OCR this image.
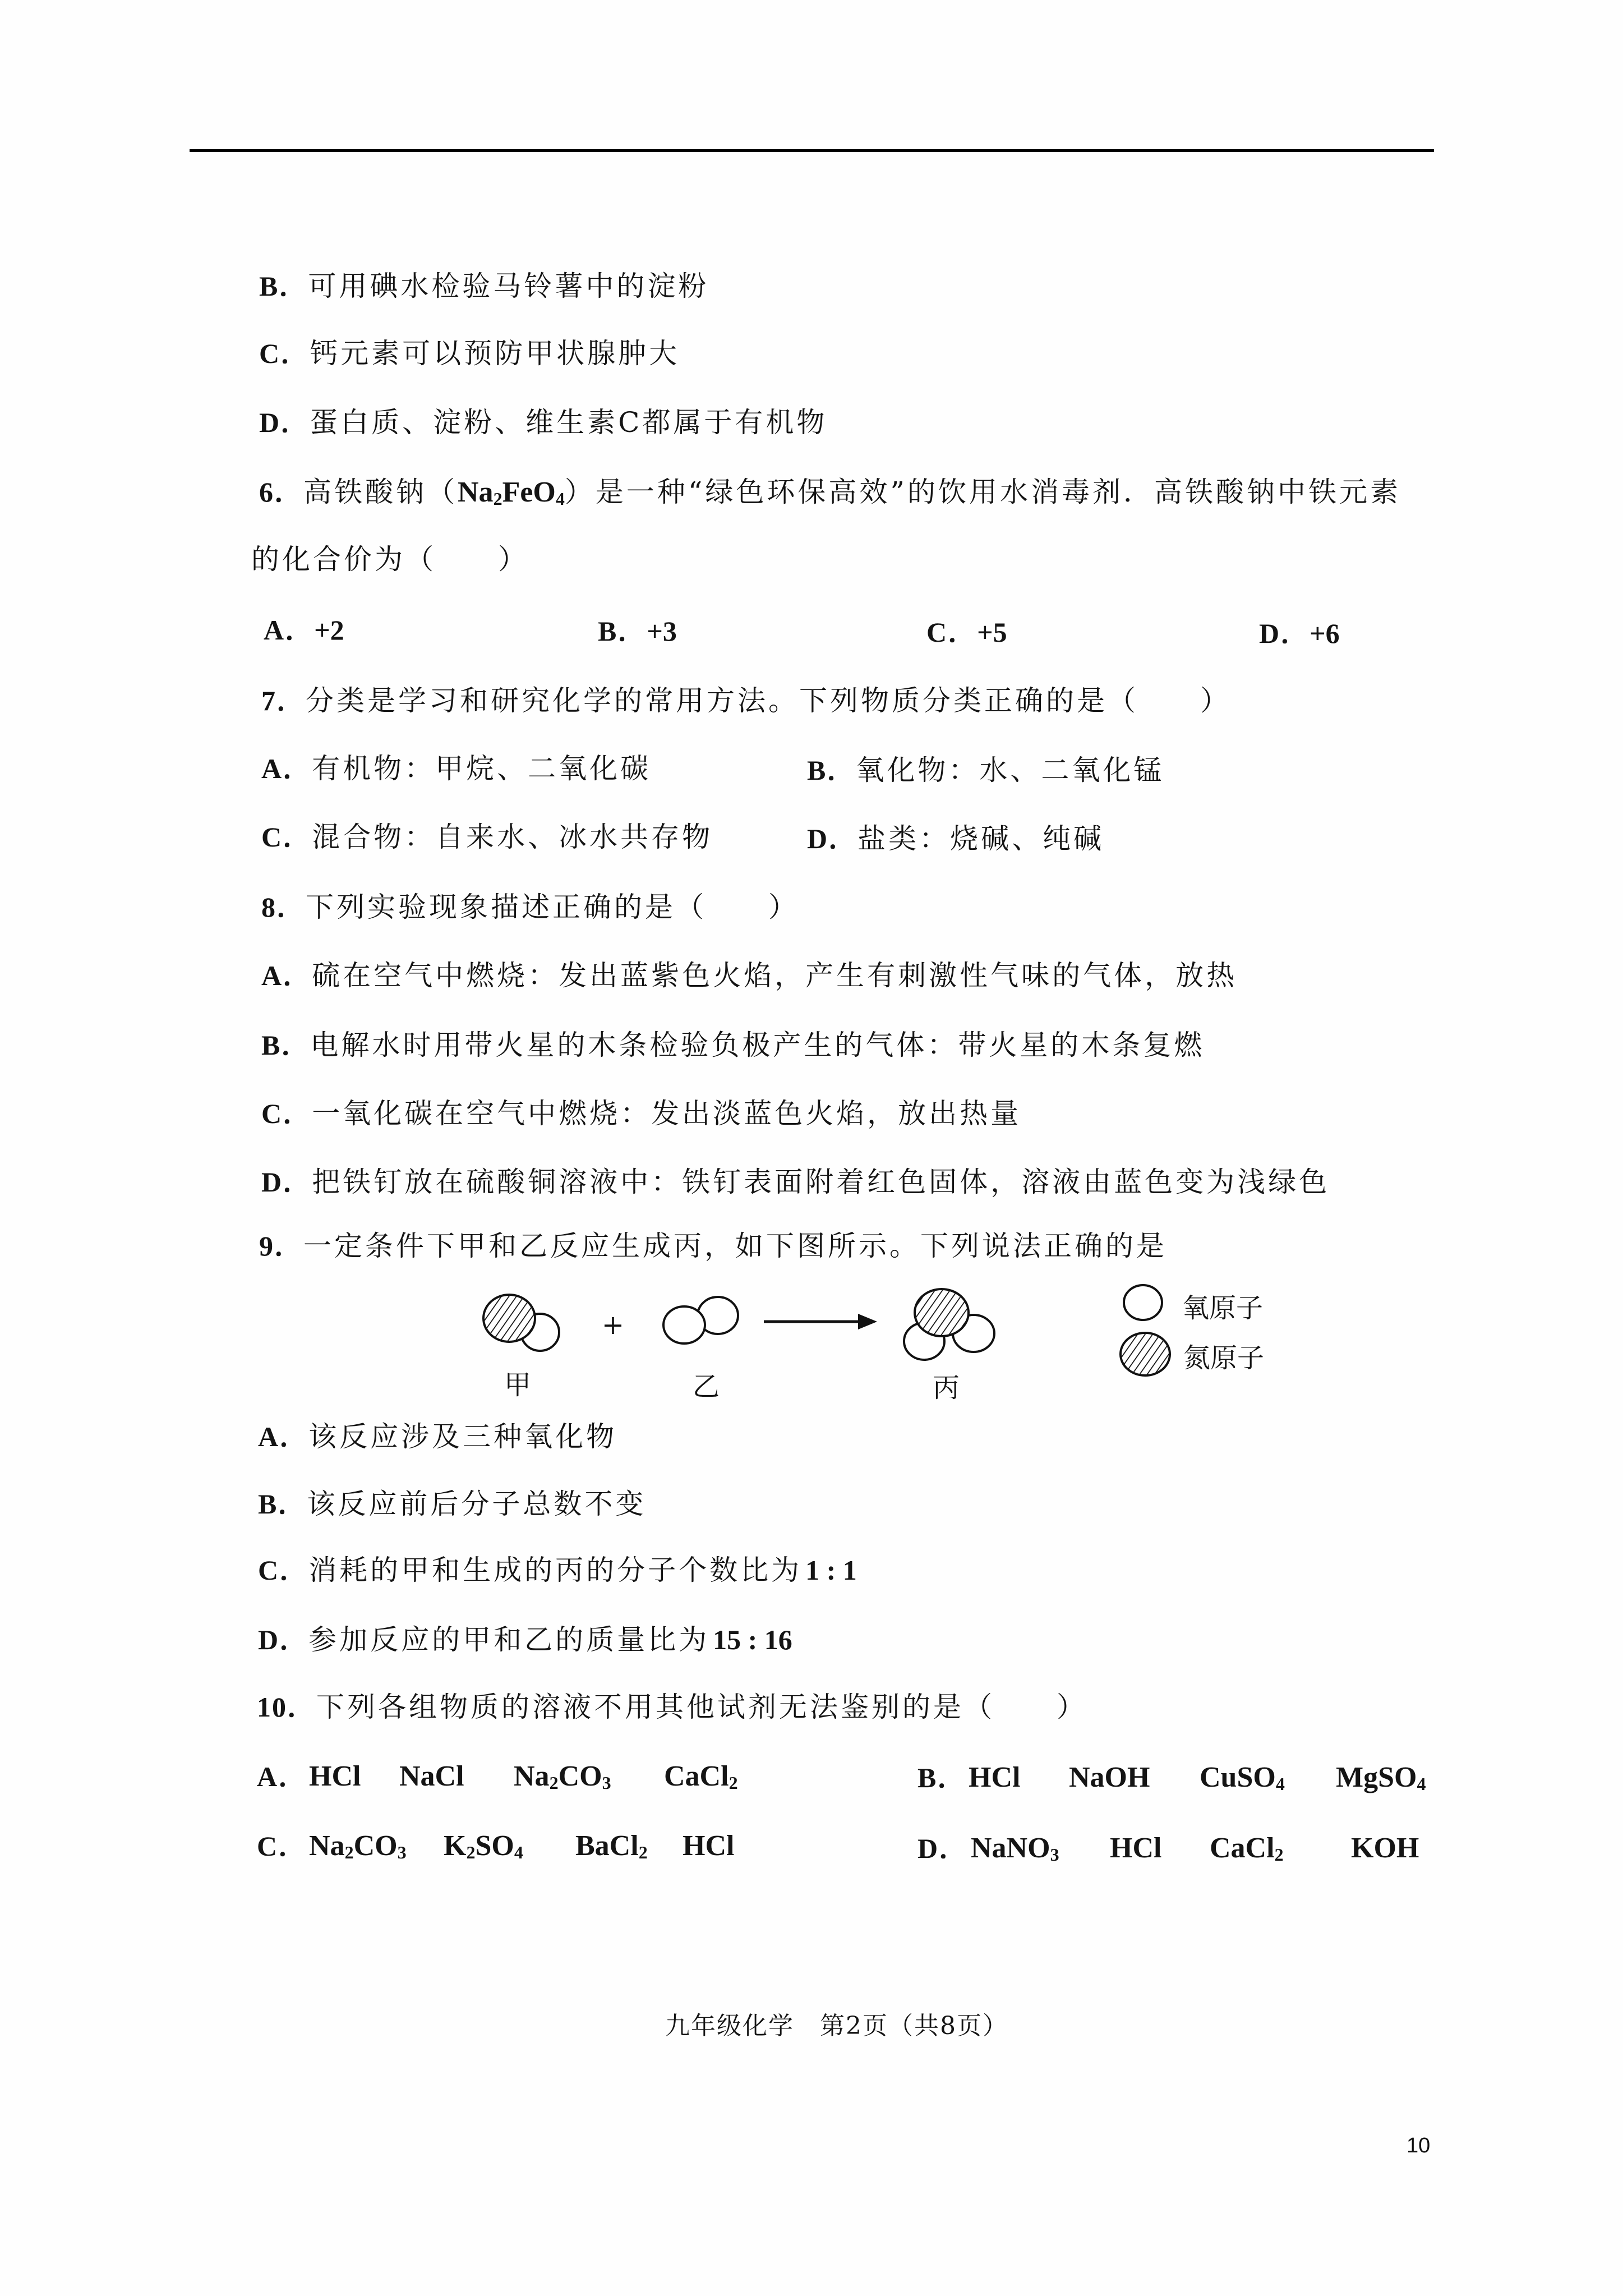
B．可用碘水检验马铃薯中的淀粉
C．钙元素可以预防甲状腺肿大
D．蛋白质、淀粉、维生素C都属于有机物
6．高铁酸钠$(Na_2FeO_4)$是一种“绿色环保高效”的饮用水消毒剂．高铁酸钠中铁元素
的化合价为（　　）
A．+2	B．+3	C．+5	D．+6
7．分类是学习和研究化学的常用方法。下列物质分类正确的是（　　）
A．有机物：甲烷、二氧化碳	B．氧化物：水、二氧化锰
C．混合物：自来水、冰水共存物	D．盐类：烧碱、纯碱
8．下列实验现象描述正确的是（　　）
A．硫在空气中燃烧：发出蓝紫色火焰，产生有刺激性气味的气体，放热
B．电解水时用带火星的木条检验负极产生的气体：带火星的木条复燃
C．一氧化碳在空气中燃烧：发出淡蓝色火焰，放出热量
D．把铁钉放在硫酸铜溶液中：铁钉表面附着红色固体，溶液由蓝色变为浅绿色
9．一定条件下甲和乙反应生成丙，如下图所示。下列说法正确的是
+
甲	乙	丙
氧原子
氮原子
A．该反应涉及三种氧化物
B．该反应前后分子总数不变
C．消耗的甲和生成的丙的分子个数比为 1 : 1
D．参加反应的甲和乙的质量比为 15 : 16
10．下列各组物质的溶液不用其他试剂无法鉴别的是（　　）
A． HCl NaCl $Na_2CO_3$ CaCl$_2$	B． HCl NaOH CuSO$_4$ MgSO$_4$
C． $Na_2CO_3$ $K_2SO_4$ BaCl$_2$ HCl	D． NaNO$_3$ HCl CaCl$_2$ KOH
九年级化学　第2页（共8页）
10
